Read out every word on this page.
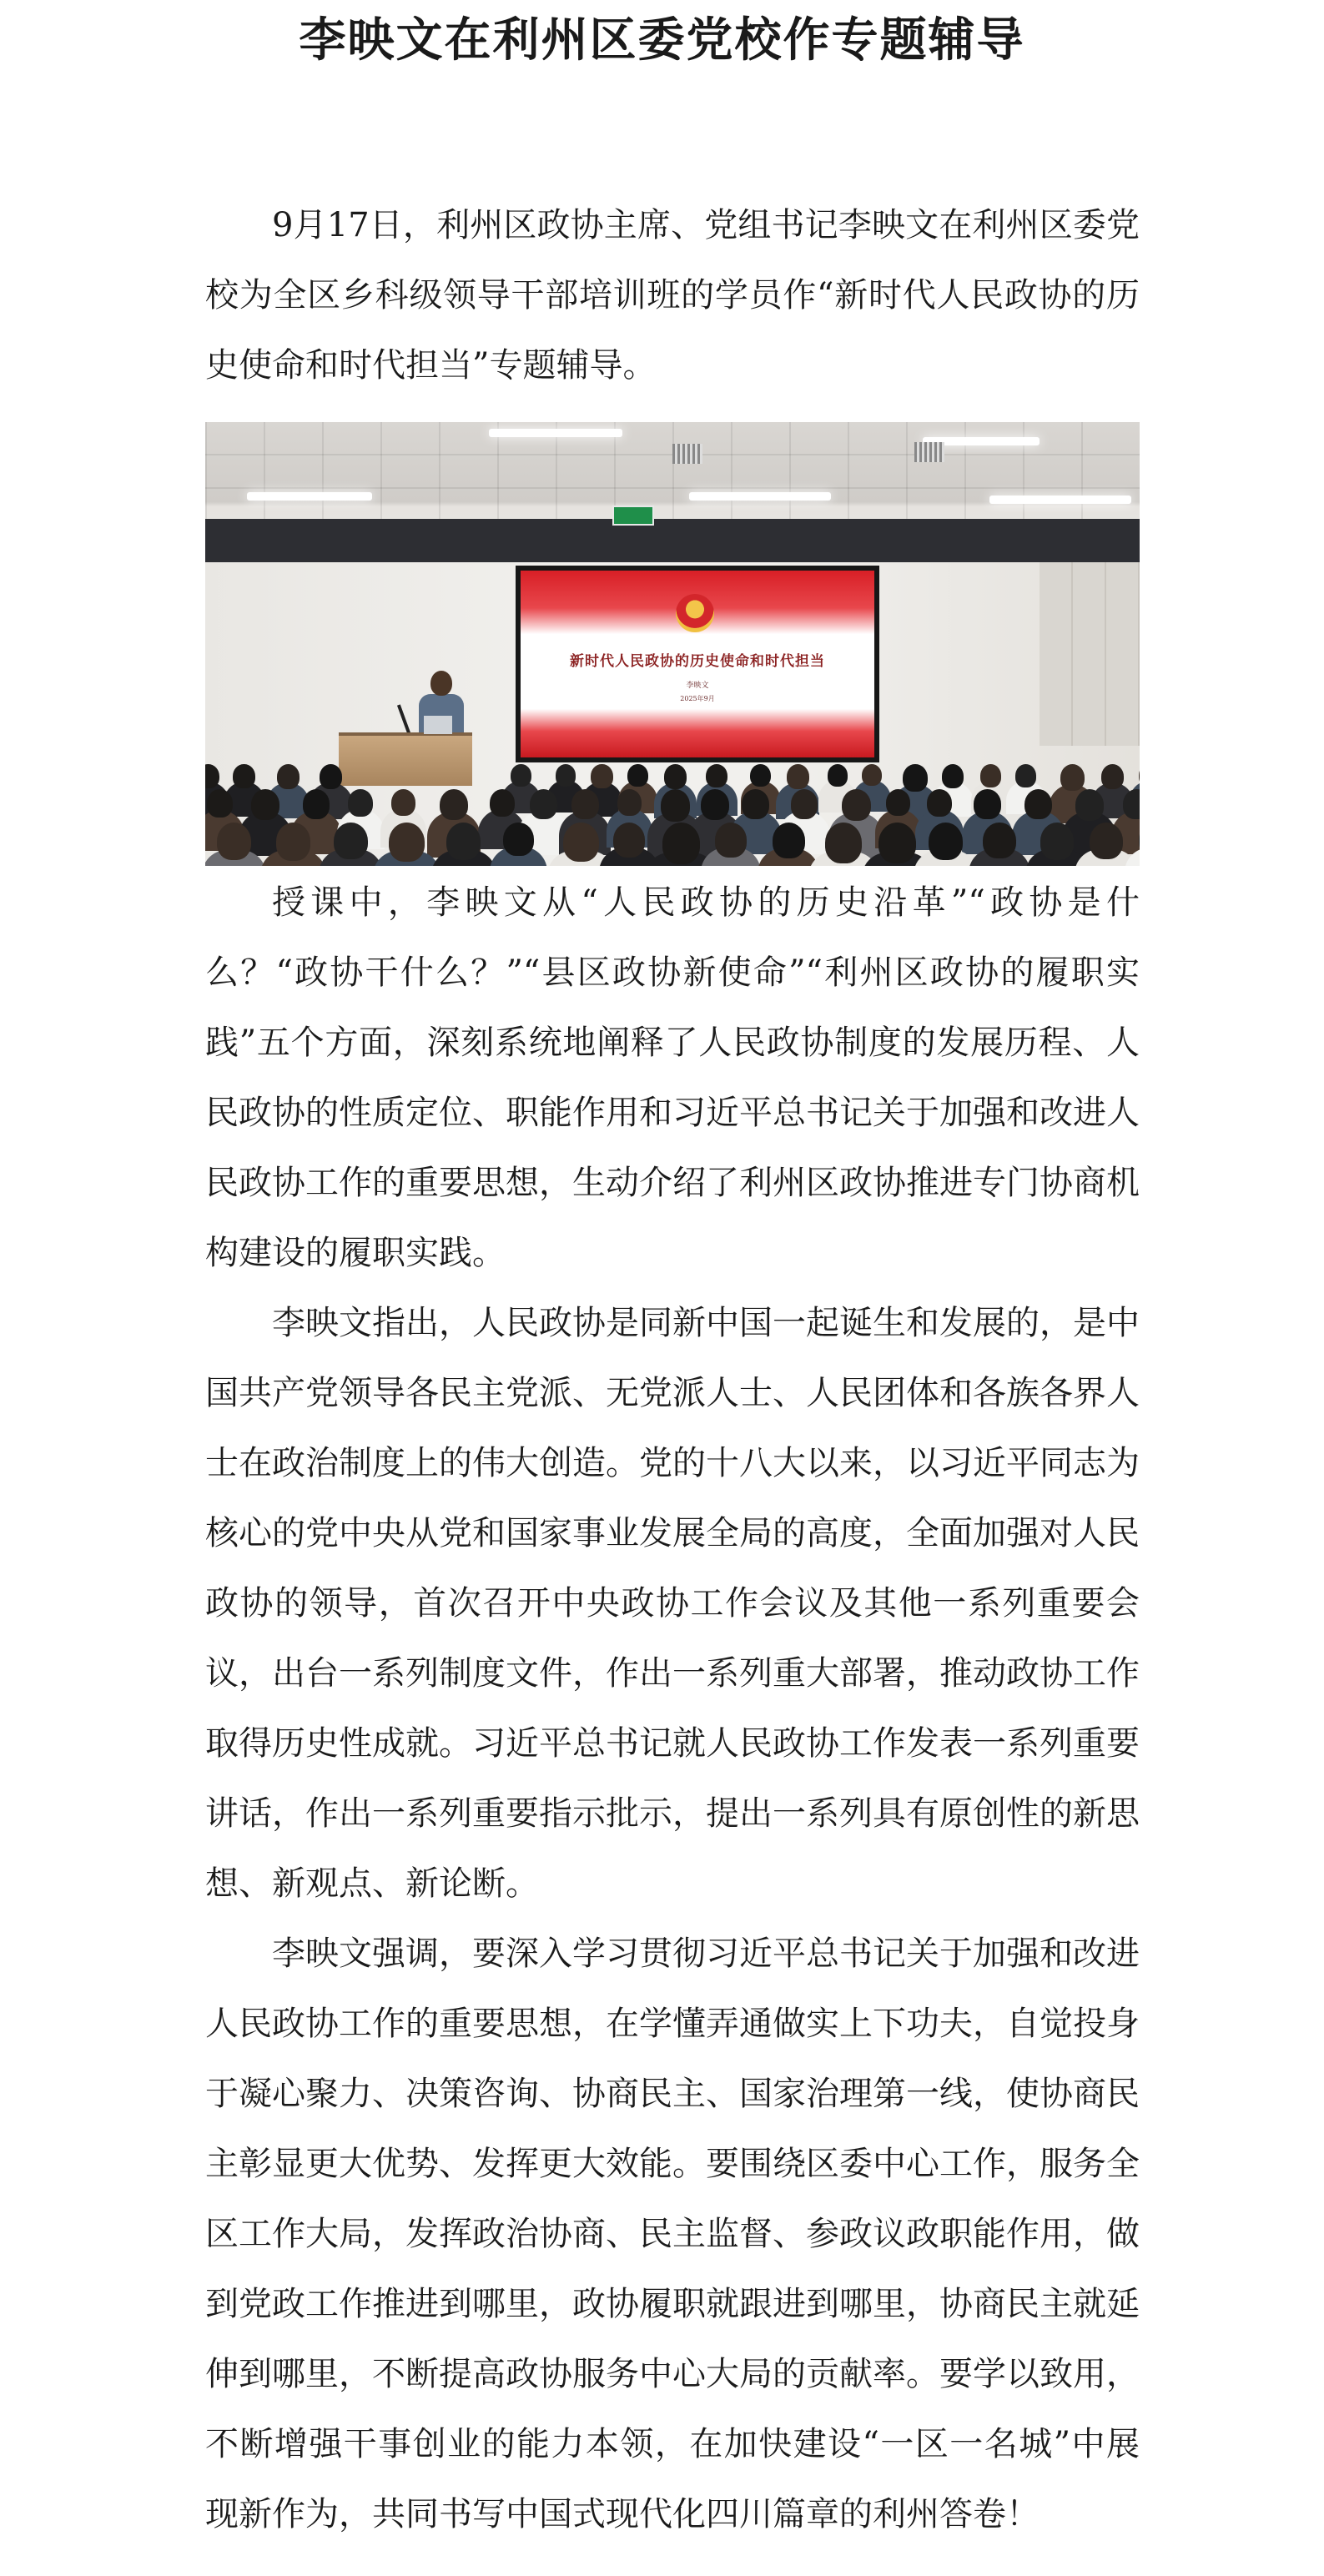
李映文在利州区委党校作专题辅导

9月17日，利州区政协主席、党组书记李映文在利州区委党校为全区乡科级领导干部培训班的学员作“新时代人民政协的历史使命和时代担当”专题辅导。

新时代人民政协的历史使命和时代担当
李映文
2025年9月

授课中，李映文从“人民政协的历史沿革”“政协是什么？“政协干什么？”“县区政协新使命”“利州区政协的履职实践”五个方面，深刻系统地阐释了人民政协制度的发展历程、人民政协的性质定位、职能作用和习近平总书记关于加强和改进人民政协工作的重要思想，生动介绍了利州区政协推进专门协商机构建设的履职实践。

李映文指出，人民政协是同新中国一起诞生和发展的，是中国共产党领导各民主党派、无党派人士、人民团体和各族各界人士在政治制度上的伟大创造。党的十八大以来，以习近平同志为核心的党中央从党和国家事业发展全局的高度，全面加强对人民政协的领导，首次召开中央政协工作会议及其他一系列重要会议，出台一系列制度文件，作出一系列重大部署，推动政协工作取得历史性成就。习近平总书记就人民政协工作发表一系列重要讲话，作出一系列重要指示批示，提出一系列具有原创性的新思想、新观点、新论断。

李映文强调，要深入学习贯彻习近平总书记关于加强和改进人民政协工作的重要思想，在学懂弄通做实上下功夫，自觉投身于凝心聚力、决策咨询、协商民主、国家治理第一线，使协商民主彰显更大优势、发挥更大效能。要围绕区委中心工作，服务全区工作大局，发挥政治协商、民主监督、参政议政职能作用，做到党政工作推进到哪里，政协履职就跟进到哪里，协商民主就延伸到哪里，不断提高政协服务中心大局的贡献率。要学以致用，不断增强干事创业的能力本领，在加快建设“一区一名城”中展现新作为，共同书写中国式现代化四川篇章的利州答卷！
